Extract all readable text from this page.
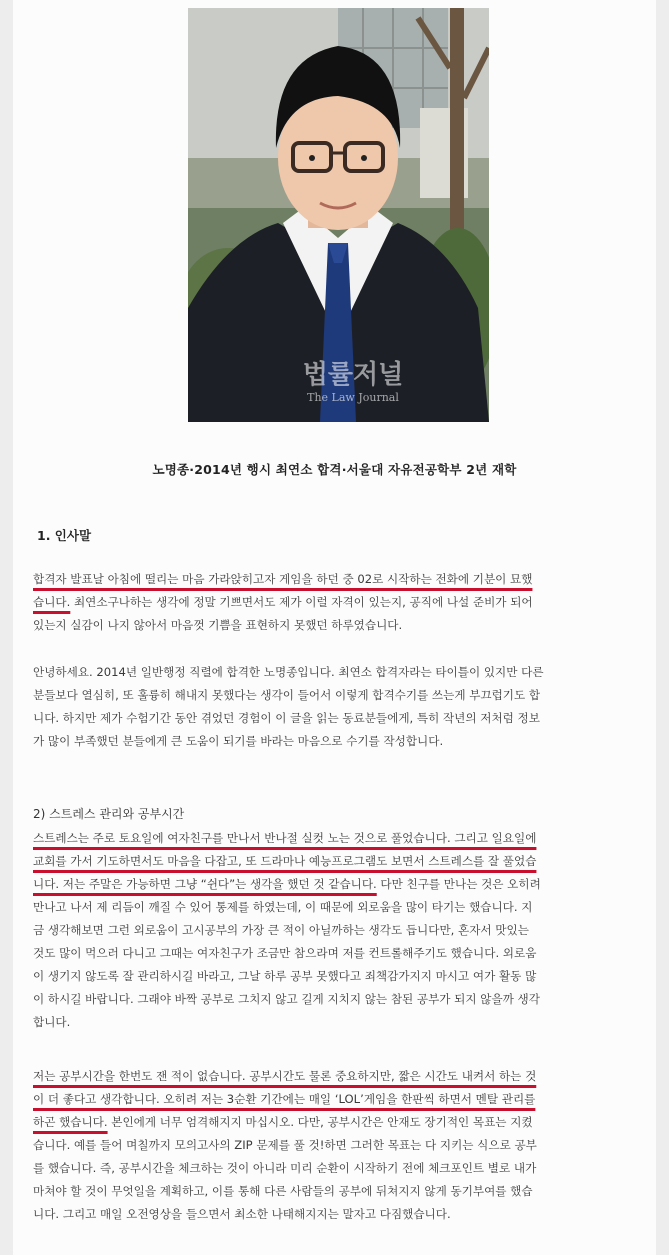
법률저널
The Law Journal
노명종·2014년 행시 최연소 합격·서울대 자유전공학부 2년 재학
1. 인사말
합격자 발표날 아침에 떨리는 마음 가라앉히고자 게임을 하던 중 02로 시작하는 전화에 기분이 묘했
습니다. 최연소구나하는 생각에 정말 기쁘면서도 제가 이럴 자격이 있는지, 공직에 나설 준비가 되어
있는지 실감이 나지 않아서 마음껏 기쁨을 표현하지 못했던 하루였습니다.
안녕하세요. 2014년 일반행정 직렬에 합격한 노명종입니다. 최연소 합격자라는 타이틀이 있지만 다른
분들보다 열심히, 또 훌륭히 해내지 못했다는 생각이 들어서 이렇게 합격수기를 쓰는게 부끄럽기도 합
니다. 하지만 제가 수험기간 동안 겪었던 경험이 이 글을 읽는 동료분들에게, 특히 작년의 저처럼 정보
가 많이 부족했던 분들에게 큰 도움이 되기를 바라는 마음으로 수기를 작성합니다.
2) 스트레스 관리와 공부시간
스트레스는 주로 토요일에 여자친구를 만나서 반나절 실컷 노는 것으로 풀었습니다. 그리고 일요일에
교회를 가서 기도하면서도 마음을 다잡고, 또 드라마나 예능프로그램도 보면서 스트레스를 잘 풀었습
니다. 저는 주말은 가능하면 그냥 “쉰다”는 생각을 했던 것 같습니다. 다만 친구를 만나는 것은 오히려
만나고 나서 제 리듬이 깨질 수 있어 통제를 하였는데, 이 때문에 외로움을 많이 타기는 했습니다. 지
금 생각해보면 그런 외로움이 고시공부의 가장 큰 적이 아닐까하는 생각도 듭니다만, 혼자서 맛있는
것도 많이 먹으러 다니고 그때는 여자친구가 조금만 참으라며 저를 컨트롤해주기도 했습니다. 외로움
이 생기지 않도록 잘 관리하시길 바라고, 그날 하루 공부 못했다고 죄책감가지지 마시고 여가 활동 많
이 하시길 바랍니다. 그래야 바짝 공부로 그치지 않고 길게 지치지 않는 참된 공부가 되지 않을까 생각
합니다.
저는 공부시간을 한번도 잰 적이 없습니다. 공부시간도 물론 중요하지만, 짧은 시간도 내켜서 하는 것
이 더 좋다고 생각합니다. 오히려 저는 3순환 기간에는 매일 ‘LOL’게임을 한판씩 하면서 멘탈 관리를
하곤 했습니다. 본인에게 너무 엄격해지지 마십시오. 다만, 공부시간은 안재도 장기적인 목표는 지켰
습니다. 예를 들어 며칠까지 모의고사의 ZIP 문제를 풀 것!하면 그러한 목표는 다 지키는 식으로 공부
를 했습니다. 즉, 공부시간을 체크하는 것이 아니라 미리 순환이 시작하기 전에 체크포인트 별로 내가
마쳐야 할 것이 무엇일을 계획하고, 이를 통해 다른 사람들의 공부에 뒤쳐지지 않게 동기부여를 했습
니다. 그리고 매일 오전영상을 들으면서 최소한 나태해지지는 말자고 다짐했습니다.
